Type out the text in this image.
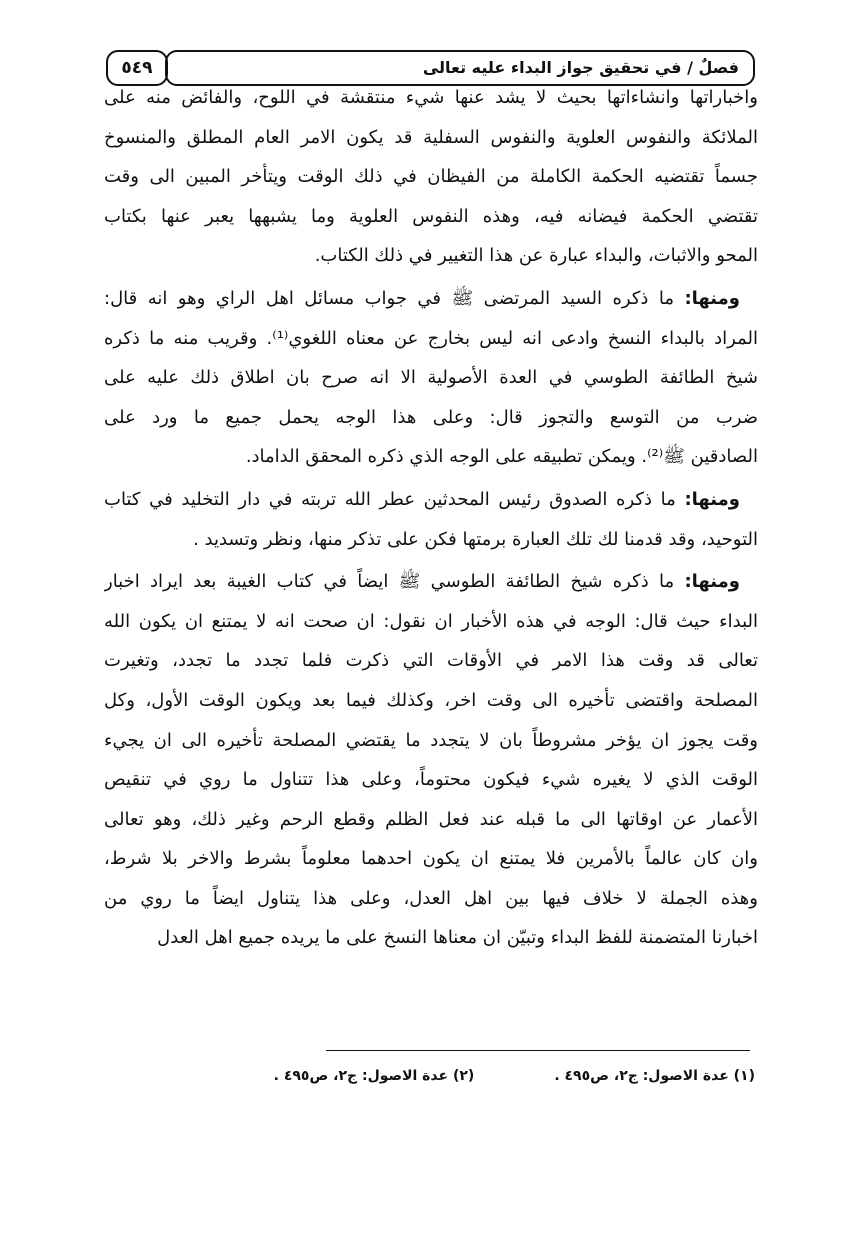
فصلٌ / في تحقيق جواز البداء عليه تعالى
٥٤٩
واخباراتها وانشاءاتها بحيث لا يشد عنها شيء منتقشة في اللوح، والفائض منه على
الملائكة والنفوس العلوية والنفوس السفلية قد يكون الامر العام المطلق والمنسوخ
جسماً تقتضيه الحكمة الكاملة من الفيظان في ذلك الوقت ويتأخر المبين الى وقت
تقتضي الحكمة فيضانه فيه، وهذه النفوس العلوية وما يشبهها يعبر عنها بكتاب
المحو والاثبات، والبداء عبارة عن هذا التغيير في ذلك الكتاب.
ومنها: ما ذكره السيد المرتضى ﷺ في جواب مسائل اهل الراي وهو انه قال:
المراد بالبداء النسخ وادعى انه ليس بخارج عن معناه اللغوي⁽¹⁾. وقريب منه ما ذكره
شيخ الطائفة الطوسي في العدة الأصولية الا انه صرح بان اطلاق ذلك عليه على
ضرب من التوسع والتجوز قال: وعلى هذا الوجه يحمل جميع ما ورد على
الصادقين ﷺ⁽²⁾. ويمكن تطبيقه على الوجه الذي ذكره المحقق الداماد.
ومنها: ما ذكره الصدوق رئيس المحدثين عطر الله تربته في دار التخليد في كتاب
التوحيد، وقد قدمنا لك تلك العبارة برمتها فكن على تذكر منها، ونظر وتسديد .
ومنها: ما ذكره شيخ الطائفة الطوسي ﷺ ايضاً في كتاب الغيبة بعد ايراد اخبار
البداء حيث قال: الوجه في هذه الأخبار ان نقول: ان صحت انه لا يمتنع ان يكون الله
تعالى قد وقت هذا الامر في الأوقات التي ذكرت فلما تجدد ما تجدد، وتغيرت
المصلحة واقتضى تأخيره الى وقت اخر، وكذلك فيما بعد ويكون الوقت الأول، وكل
وقت يجوز ان يؤخر مشروطاً بان لا يتجدد ما يقتضي المصلحة تأخيره الى ان يجيء
الوقت الذي لا يغيره شيء فيكون محتوماً، وعلى هذا تتناول ما روي في تنقيص
الأعمار عن اوقاتها الى ما قبله عند فعل الظلم وقطع الرحم وغير ذلك، وهو تعالى
وان كان عالماً بالأمرين فلا يمتنع ان يكون احدهما معلوماً بشرط والاخر بلا شرط،
وهذه الجملة لا خلاف فيها بين اهل العدل، وعلى هذا يتناول ايضاً ما روي من
اخبارنا المتضمنة للفظ البداء وتبيّن ان معناها النسخ على ما يريده جميع اهل العدل
(١) عدة الاصول: ج٢، ص٤٩٥ .
(٢) عدة الاصول: ج٢، ص٤٩٥ .
